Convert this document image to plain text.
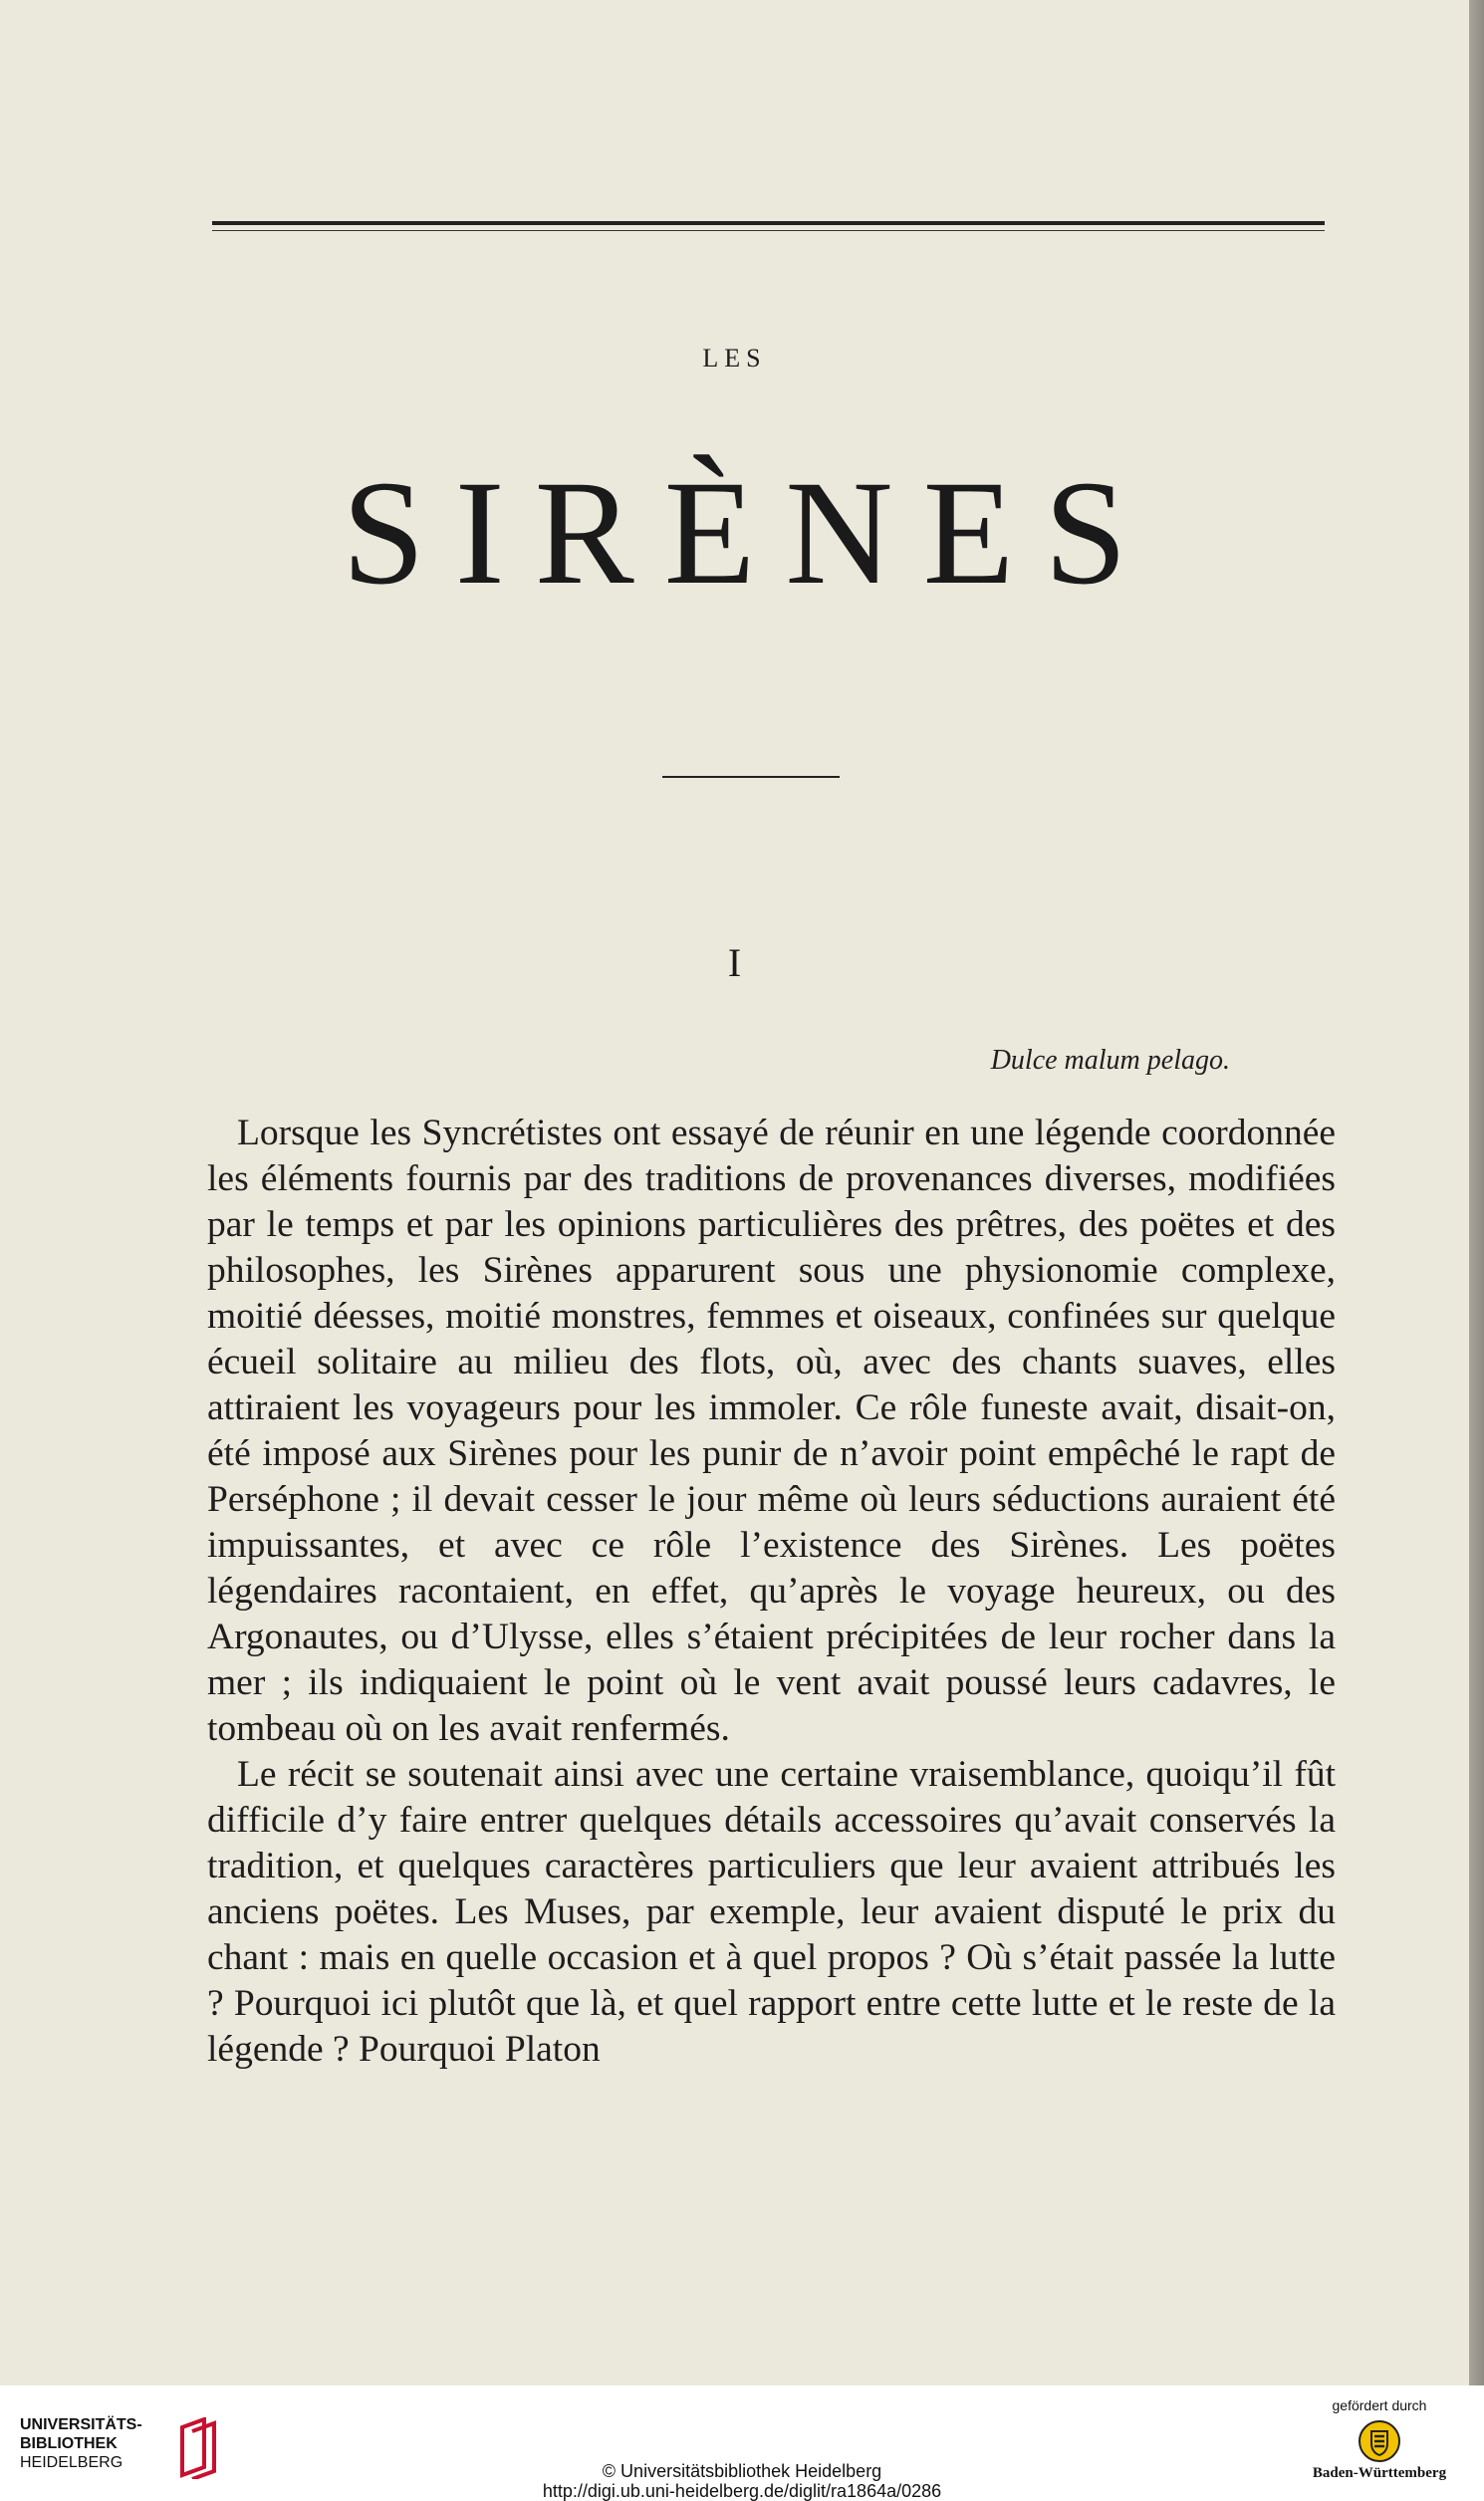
LES
SIRÈNES
I
Dulce malum pelago.

Lorsque les Syncrétistes ont essayé de réunir en une légende coordonnée les éléments fournis par des traditions de provenances diverses, modifiées par le temps et par les opinions particulières des prêtres, des poëtes et des philosophes, les Sirènes apparurent sous une physionomie complexe, moitié déesses, moitié monstres, femmes et oiseaux, confinées sur quelque écueil solitaire au milieu des flots, où, avec des chants suaves, elles attiraient les voyageurs pour les immoler. Ce rôle funeste avait, disait-on, été imposé aux Sirènes pour les punir de n’avoir point empêché le rapt de Perséphone ; il devait cesser le jour même où leurs séductions auraient été impuissantes, et avec ce rôle l’existence des Sirènes. Les poëtes légendaires racontaient, en effet, qu’après le voyage heureux, ou des Argonautes, ou d’Ulysse, elles s’étaient précipitées de leur rocher dans la mer ; ils indiquaient le point où le vent avait poussé leurs cadavres, le tombeau où on les avait renfermés.

Le récit se soutenait ainsi avec une certaine vraisemblance, quoiqu’il fût difficile d’y faire entrer quelques détails accessoires qu’avait conservés la tradition, et quelques caractères particuliers que leur avaient attribués les anciens poëtes. Les Muses, par exemple, leur avaient disputé le prix du chant : mais en quelle occasion et à quel propos ? Où s’était passée la lutte ? Pourquoi ici plutôt que là, et quel rapport entre cette lutte et le reste de la légende ? Pourquoi Platon

UNIVERSITÄTS-
BIBLIOTHEK
HEIDELBERG	© Universitätsbibliothek Heidelberg
http://digi.ub.uni-heidelberg.de/diglit/ra1864a/0286
gefördert durch
Baden-Württemberg
